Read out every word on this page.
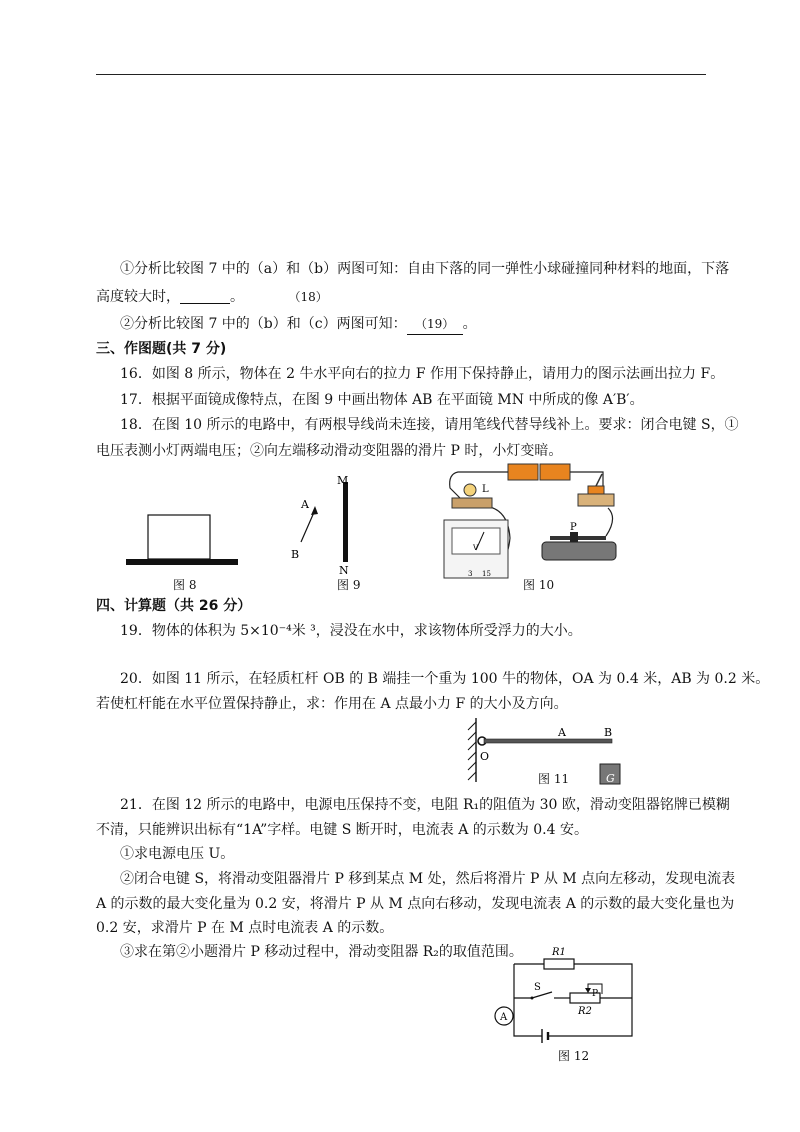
①分析比较图 7 中的（a）和（b）两图可知：自由下落的同一弹性小球碰撞同种材料的地面，下落
高度较大时，	。	（18）
②分析比较图 7 中的（b）和（c）两图可知： （19） 。
三、作图题(共 7 分)
16．如图 8 所示，物体在 2 牛水平向右的拉力 F 作用下保持静止，请用力的图示法画出拉力 F。
17．根据平面镜成像特点，在图 9 中画出物体 AB 在平面镜 MN 中所成的像 A′B′。
18．在图 10 所示的电路中，有两根导线尚未连接，请用笔线代替导线补上。要求：闭合电键 S，①
电压表测小灯两端电压；②向左端移动滑动变阻器的滑片 P 时，小灯变暗。
图 8
M
N
A
B
图 9
L
V
3 15
P
图 10
四、计算题（共 26 分）
19．物体的体积为 5×10⁻⁴米 ³，浸没在水中，求该物体所受浮力的大小。
20．如图 11 所示，在轻质杠杆 OB 的 B 端挂一个重为 100 牛的物体，OA 为 0.4 米，AB 为 0.2 米。
若使杠杆能在水平位置保持静止，求：作用在 A 点最小力 F 的大小及方向。
A	B
O
图 11	G
21．在图 12 所示的电路中，电源电压保持不变，电阻 R₁的阻值为 30 欧，滑动变阻器铭牌已模糊
不清，只能辨识出标有“1A”字样。电键 S 断开时，电流表 A 的示数为 0.4 安。
①求电源电压 U。
②闭合电键 S，将滑动变阻器滑片 P 移到某点 M 处，然后将滑片 P 从 M 点向左移动，发现电流表
A 的示数的最大变化量为 0.2 安，将滑片 P 从 M 点向右移动，发现电流表 A 的示数的最大变化量也为
0.2 安，求滑片 P 在 M 点时电流表 A 的示数。
③求在第②小题滑片 P 移动过程中，滑动变阻器 R₂的取值范围。	R1
S
P
R2
A
图 12
